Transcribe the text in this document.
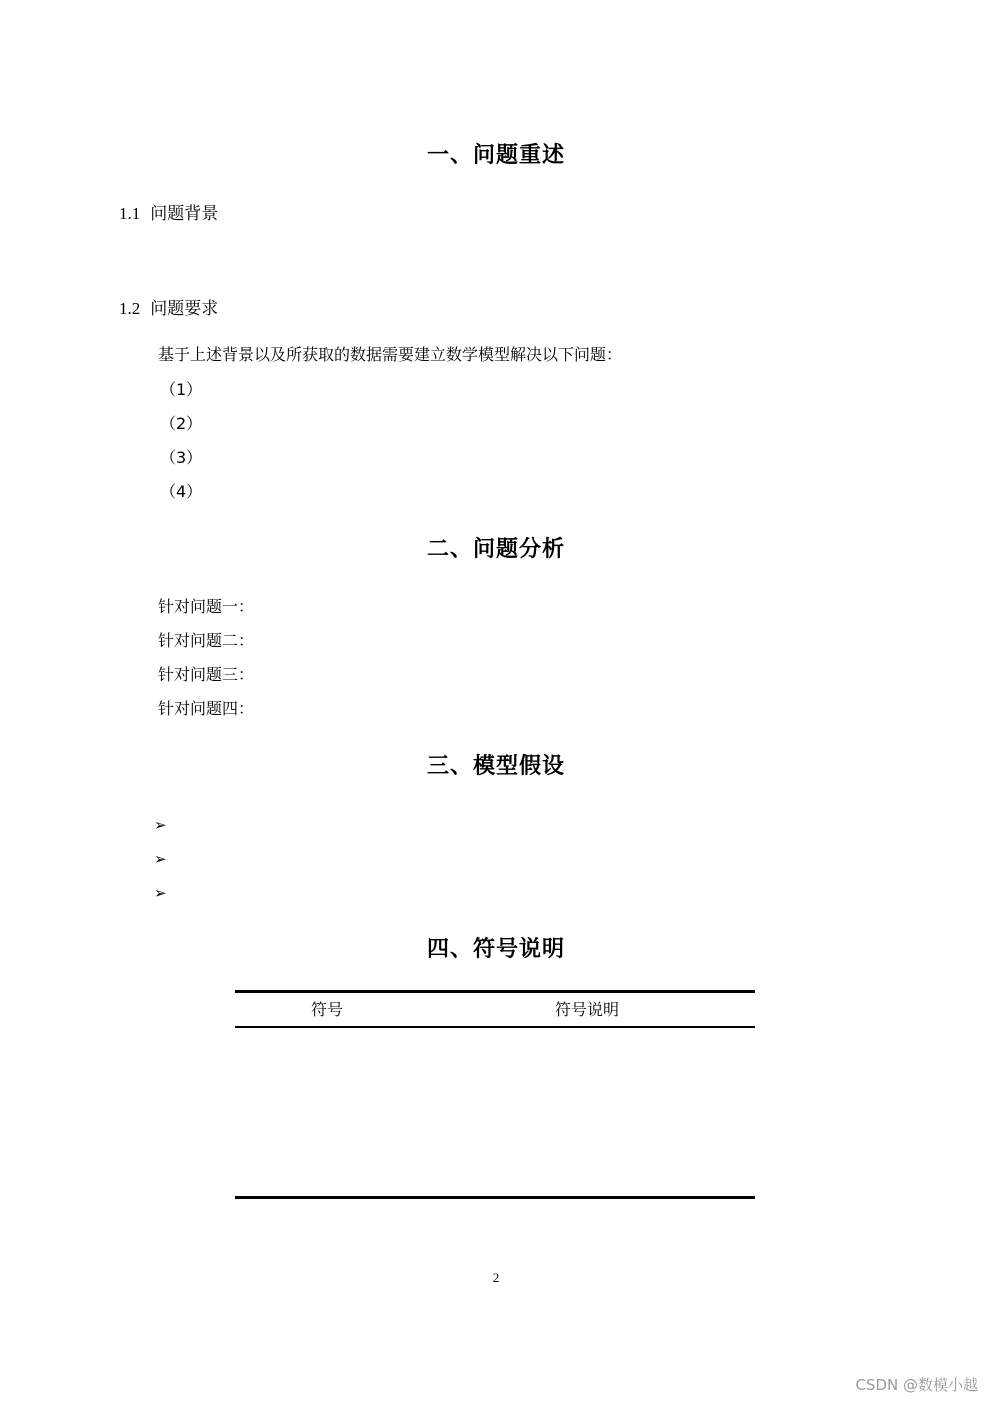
一、问题重述
1.1 问题背景
1.2 问题要求
基于上述背景以及所获取的数据需要建立数学模型解决以下问题：
（1）
（2）
（3）
（4）
二、问题分析
针对问题一：
针对问题二：
针对问题三：
针对问题四：
三、模型假设
➢
➢
➢
四、符号说明
符号	符号说明
2
CSDN @数模小越
